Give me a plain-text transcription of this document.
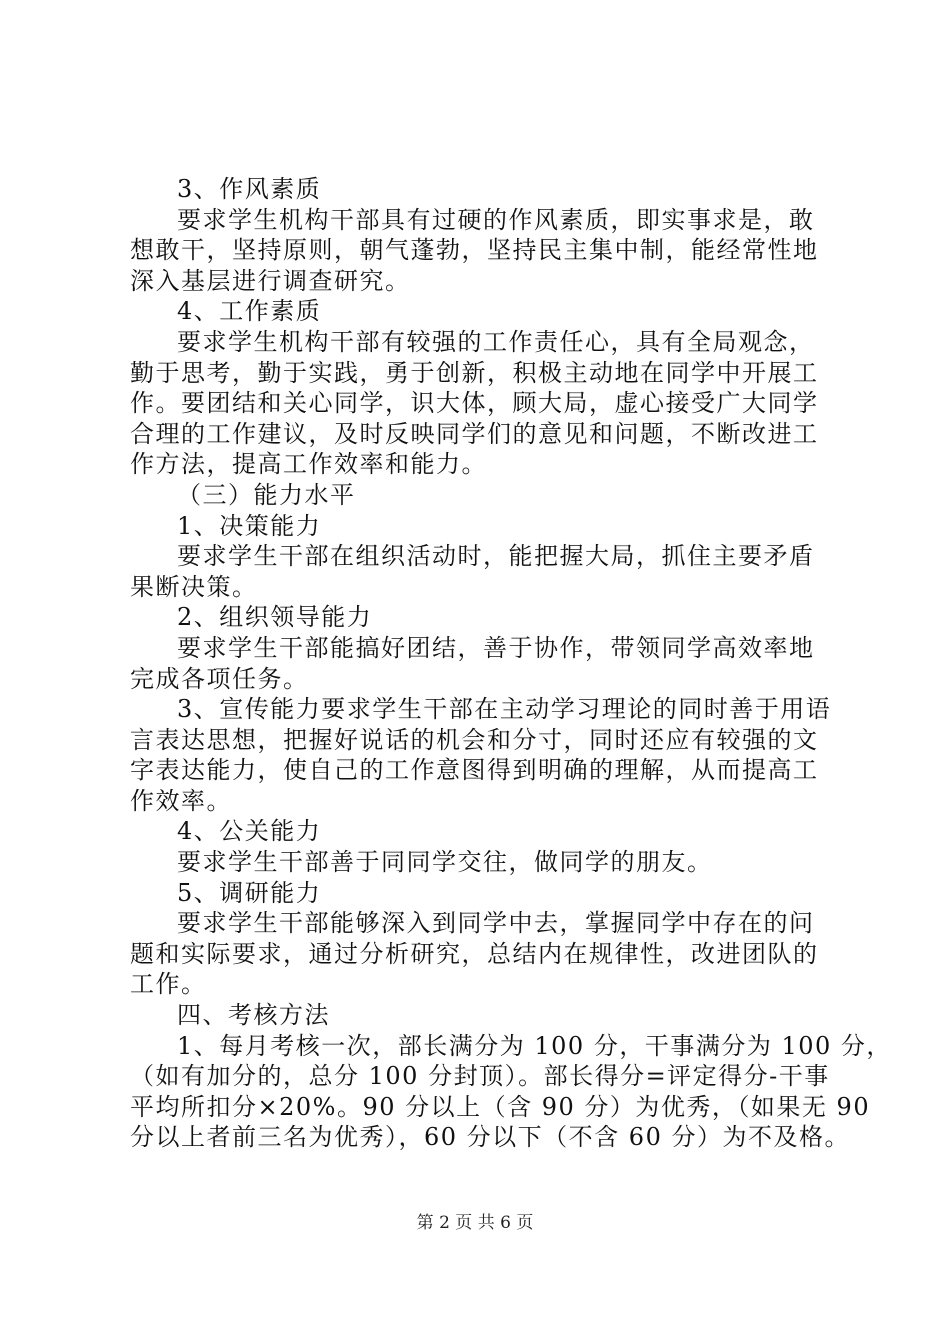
3、作风素质
要求学生机构干部具有过硬的作风素质，即实事求是，敢
想敢干，坚持原则，朝气蓬勃，坚持民主集中制，能经常性地
深入基层进行调查研究。
4、工作素质
要求学生机构干部有较强的工作责任心，具有全局观念，
勤于思考，勤于实践，勇于创新，积极主动地在同学中开展工
作。要团结和关心同学，识大体，顾大局，虚心接受广大同学
合理的工作建议，及时反映同学们的意见和问题，不断改进工
作方法，提高工作效率和能力。
（三）能力水平
1、决策能力
要求学生干部在组织活动时，能把握大局，抓住主要矛盾
果断决策。
2、组织领导能力
要求学生干部能搞好团结，善于协作，带领同学高效率地
完成各项任务。
3、宣传能力要求学生干部在主动学习理论的同时善于用语
言表达思想，把握好说话的机会和分寸，同时还应有较强的文
字表达能力，使自己的工作意图得到明确的理解，从而提高工
作效率。
4、公关能力
要求学生干部善于同同学交往，做同学的朋友。
5、调研能力
要求学生干部能够深入到同学中去，掌握同学中存在的问
题和实际要求，通过分析研究，总结内在规律性，改进团队的
工作。
四、考核方法
1、每月考核一次，部长满分为 100 分，干事满分为 100 分，
（如有加分的，总分 100 分封顶）。部长得分=评定得分-干事
平均所扣分×20%。90 分以上（含 90 分）为优秀，（如果无 90
分以上者前三名为优秀），60 分以下（不含 60 分）为不及格。
第 2 页 共 6 页
